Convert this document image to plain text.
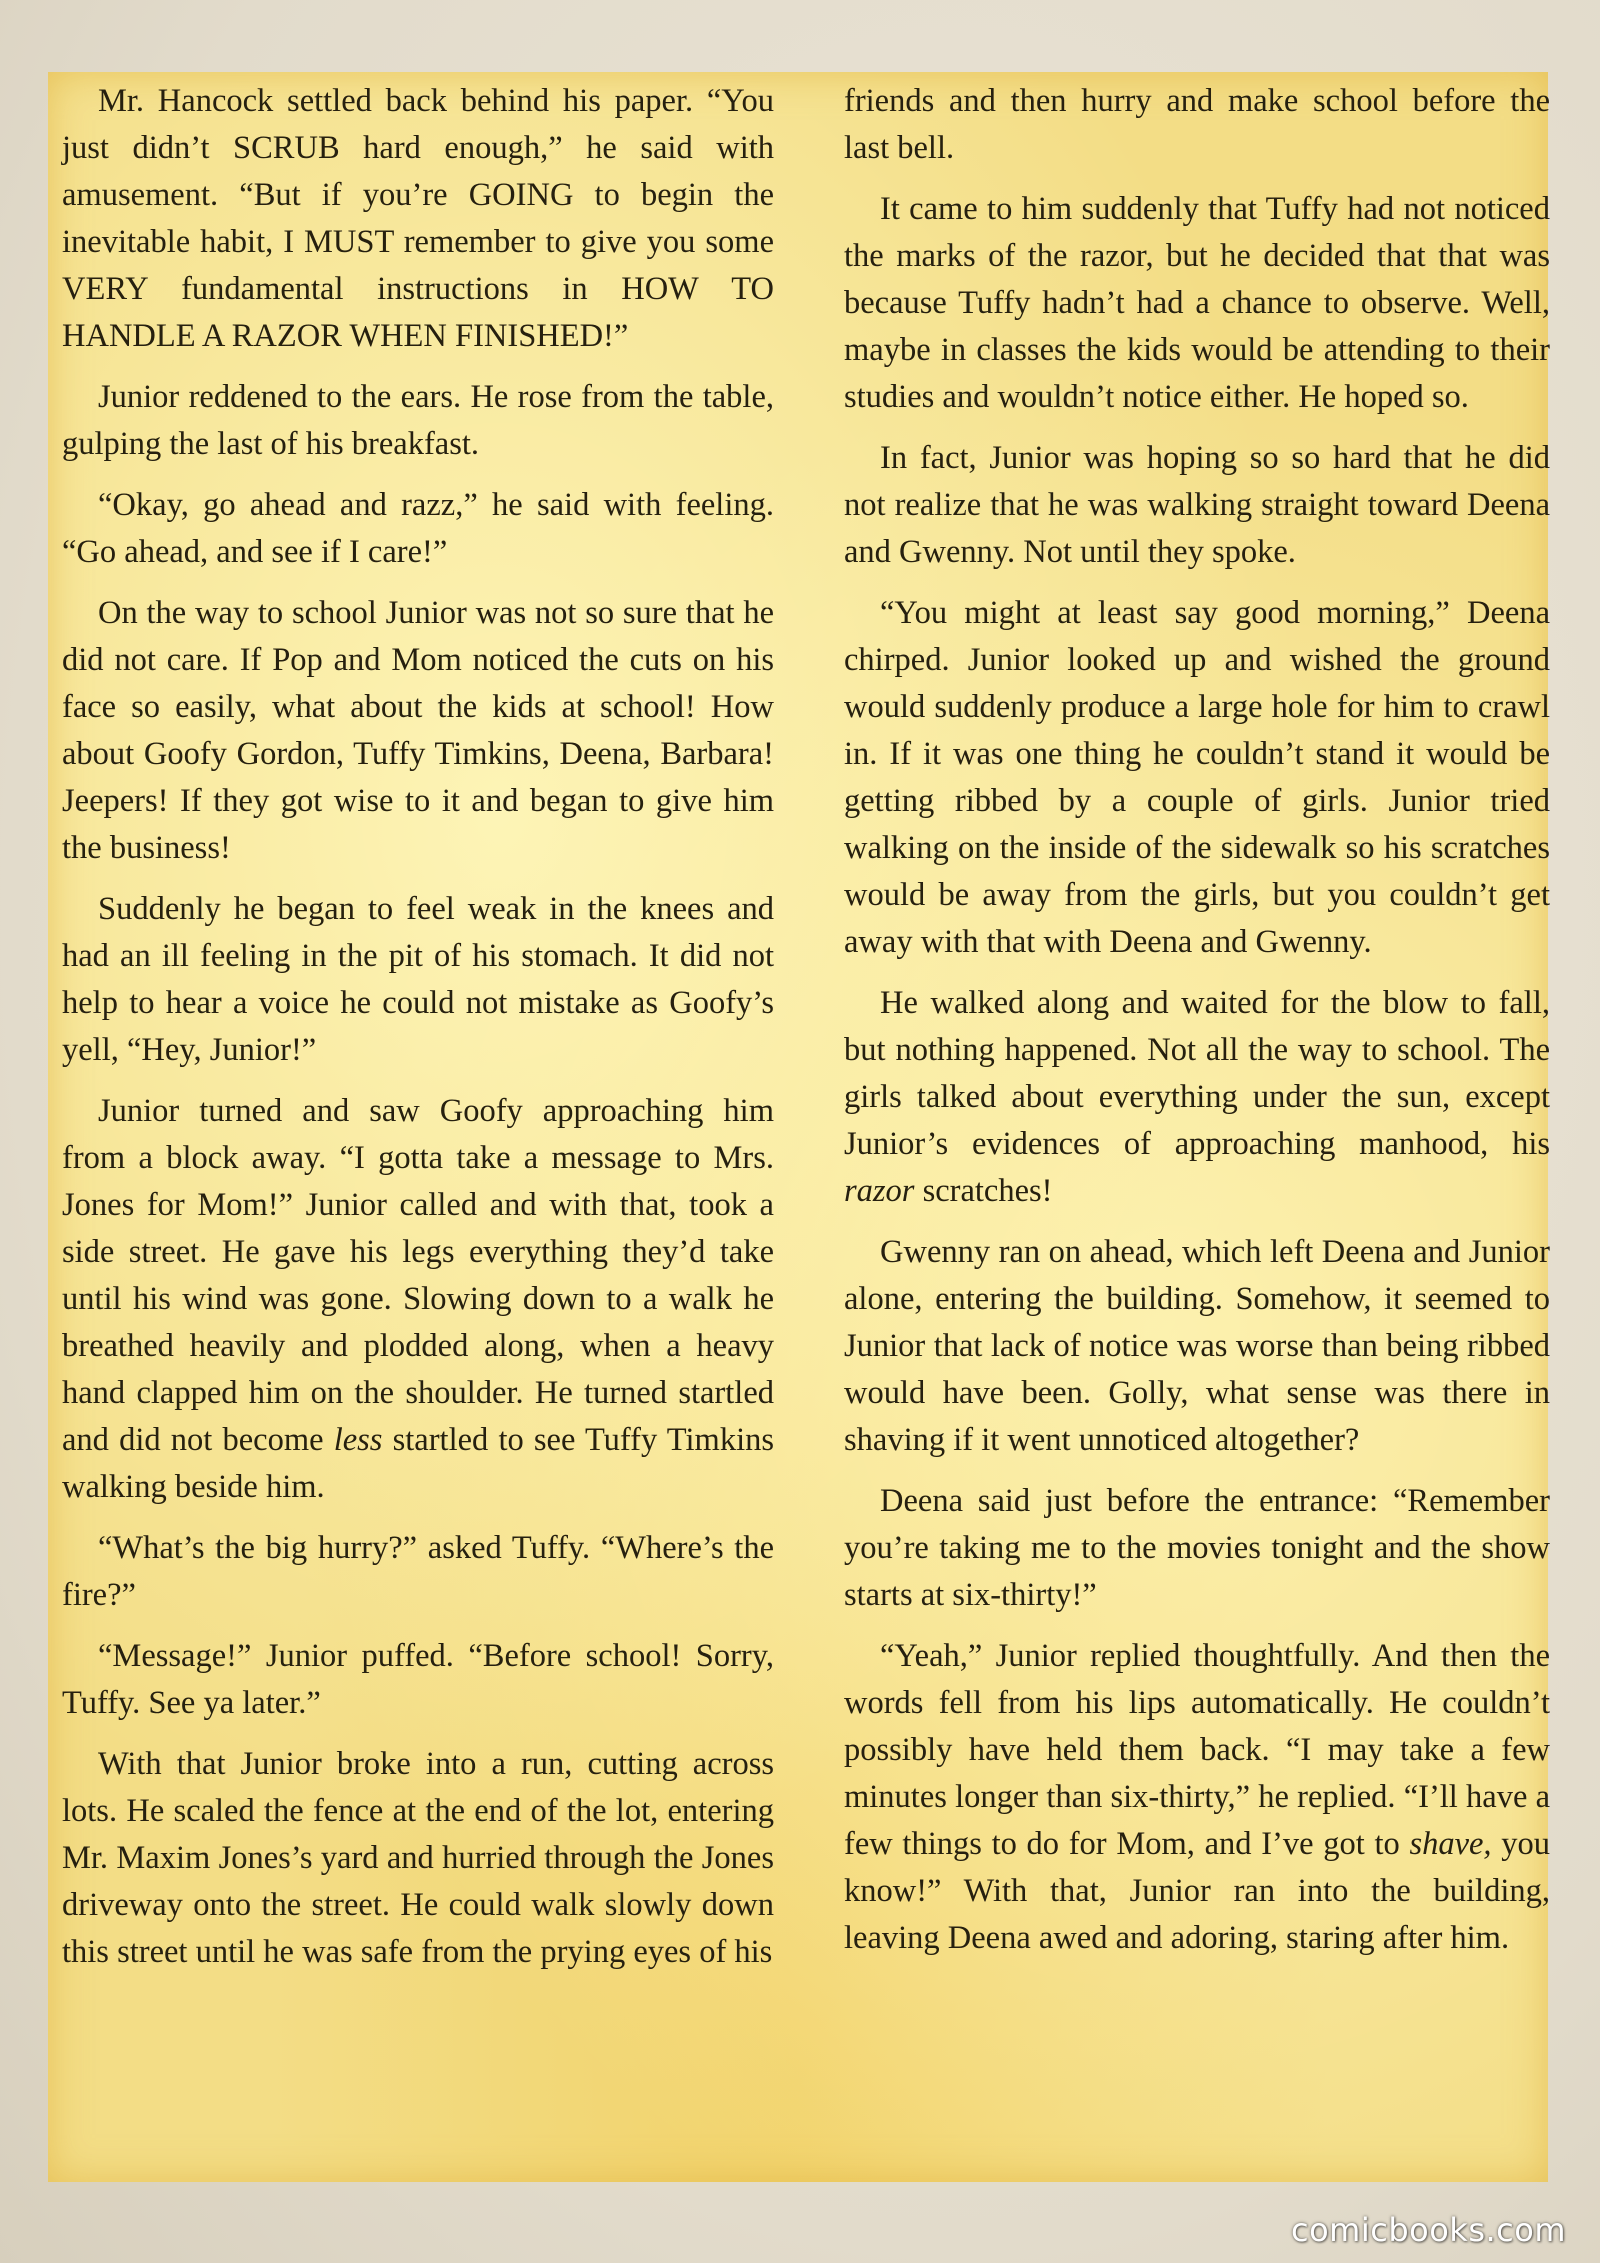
Mr. Hancock settled back behind his paper. “You just didn’t SCRUB hard enough,” he said with amusement. “But if you’re GOING to begin the inevitable habit, I MUST remember to give you some VERY fundamental instructions in HOW TO HANDLE A RAZOR WHEN FINISHED!”

Junior reddened to the ears. He rose from the table, gulping the last of his breakfast.

“Okay, go ahead and razz,” he said with feeling. “Go ahead, and see if I care!”

On the way to school Junior was not so sure that he did not care. If Pop and Mom noticed the cuts on his face so easily, what about the kids at school! How about Goofy Gordon, Tuffy Timkins, Deena, Barbara! Jeepers! If they got wise to it and began to give him the business!

Suddenly he began to feel weak in the knees and had an ill feeling in the pit of his stomach. It did not help to hear a voice he could not mistake as Goofy’s yell, “Hey, Junior!”

Junior turned and saw Goofy approaching him from a block away. “I gotta take a message to Mrs. Jones for Mom!” Junior called and with that, took a side street. He gave his legs everything they’d take until his wind was gone. Slowing down to a walk he breathed heavily and plodded along, when a heavy hand clapped him on the shoulder. He turned startled and did not become less startled to see Tuffy Timkins walking beside him.

“What’s the big hurry?” asked Tuffy. “Where’s the fire?”

“Message!” Junior puffed. “Before school! Sorry, Tuffy. See ya later.”

With that Junior broke into a run, cutting across lots. He scaled the fence at the end of the lot, entering Mr. Maxim Jones’s yard and hurried through the Jones driveway onto the street. He could walk slowly down this street until he was safe from the prying eyes of his

friends and then hurry and make school before the last bell.

It came to him suddenly that Tuffy had not noticed the marks of the razor, but he decided that that was because Tuffy hadn’t had a chance to observe. Well, maybe in classes the kids would be attending to their studies and wouldn’t notice either. He hoped so.

In fact, Junior was hoping so so hard that he did not realize that he was walking straight toward Deena and Gwenny. Not until they spoke.

“You might at least say good morning,” Deena chirped. Junior looked up and wished the ground would suddenly produce a large hole for him to crawl in. If it was one thing he couldn’t stand it would be getting ribbed by a couple of girls. Junior tried walking on the inside of the sidewalk so his scratches would be away from the girls, but you couldn’t get away with that with Deena and Gwenny.

He walked along and waited for the blow to fall, but nothing happened. Not all the way to school. The girls talked about everything under the sun, except Junior’s evidences of approaching manhood, his razor scratches!

Gwenny ran on ahead, which left Deena and Junior alone, entering the building. Somehow, it seemed to Junior that lack of notice was worse than being ribbed would have been. Golly, what sense was there in shaving if it went unnoticed altogether?

Deena said just before the entrance: “Remember you’re taking me to the movies tonight and the show starts at six-thirty!”

“Yeah,” Junior replied thoughtfully. And then the words fell from his lips automatically. He couldn’t possibly have held them back. “I may take a few minutes longer than six-thirty,” he replied. “I’ll have a few things to do for Mom, and I’ve got to shave, you know!” With that, Junior ran into the building, leaving Deena awed and adoring, staring after him.

comicbooks.com
